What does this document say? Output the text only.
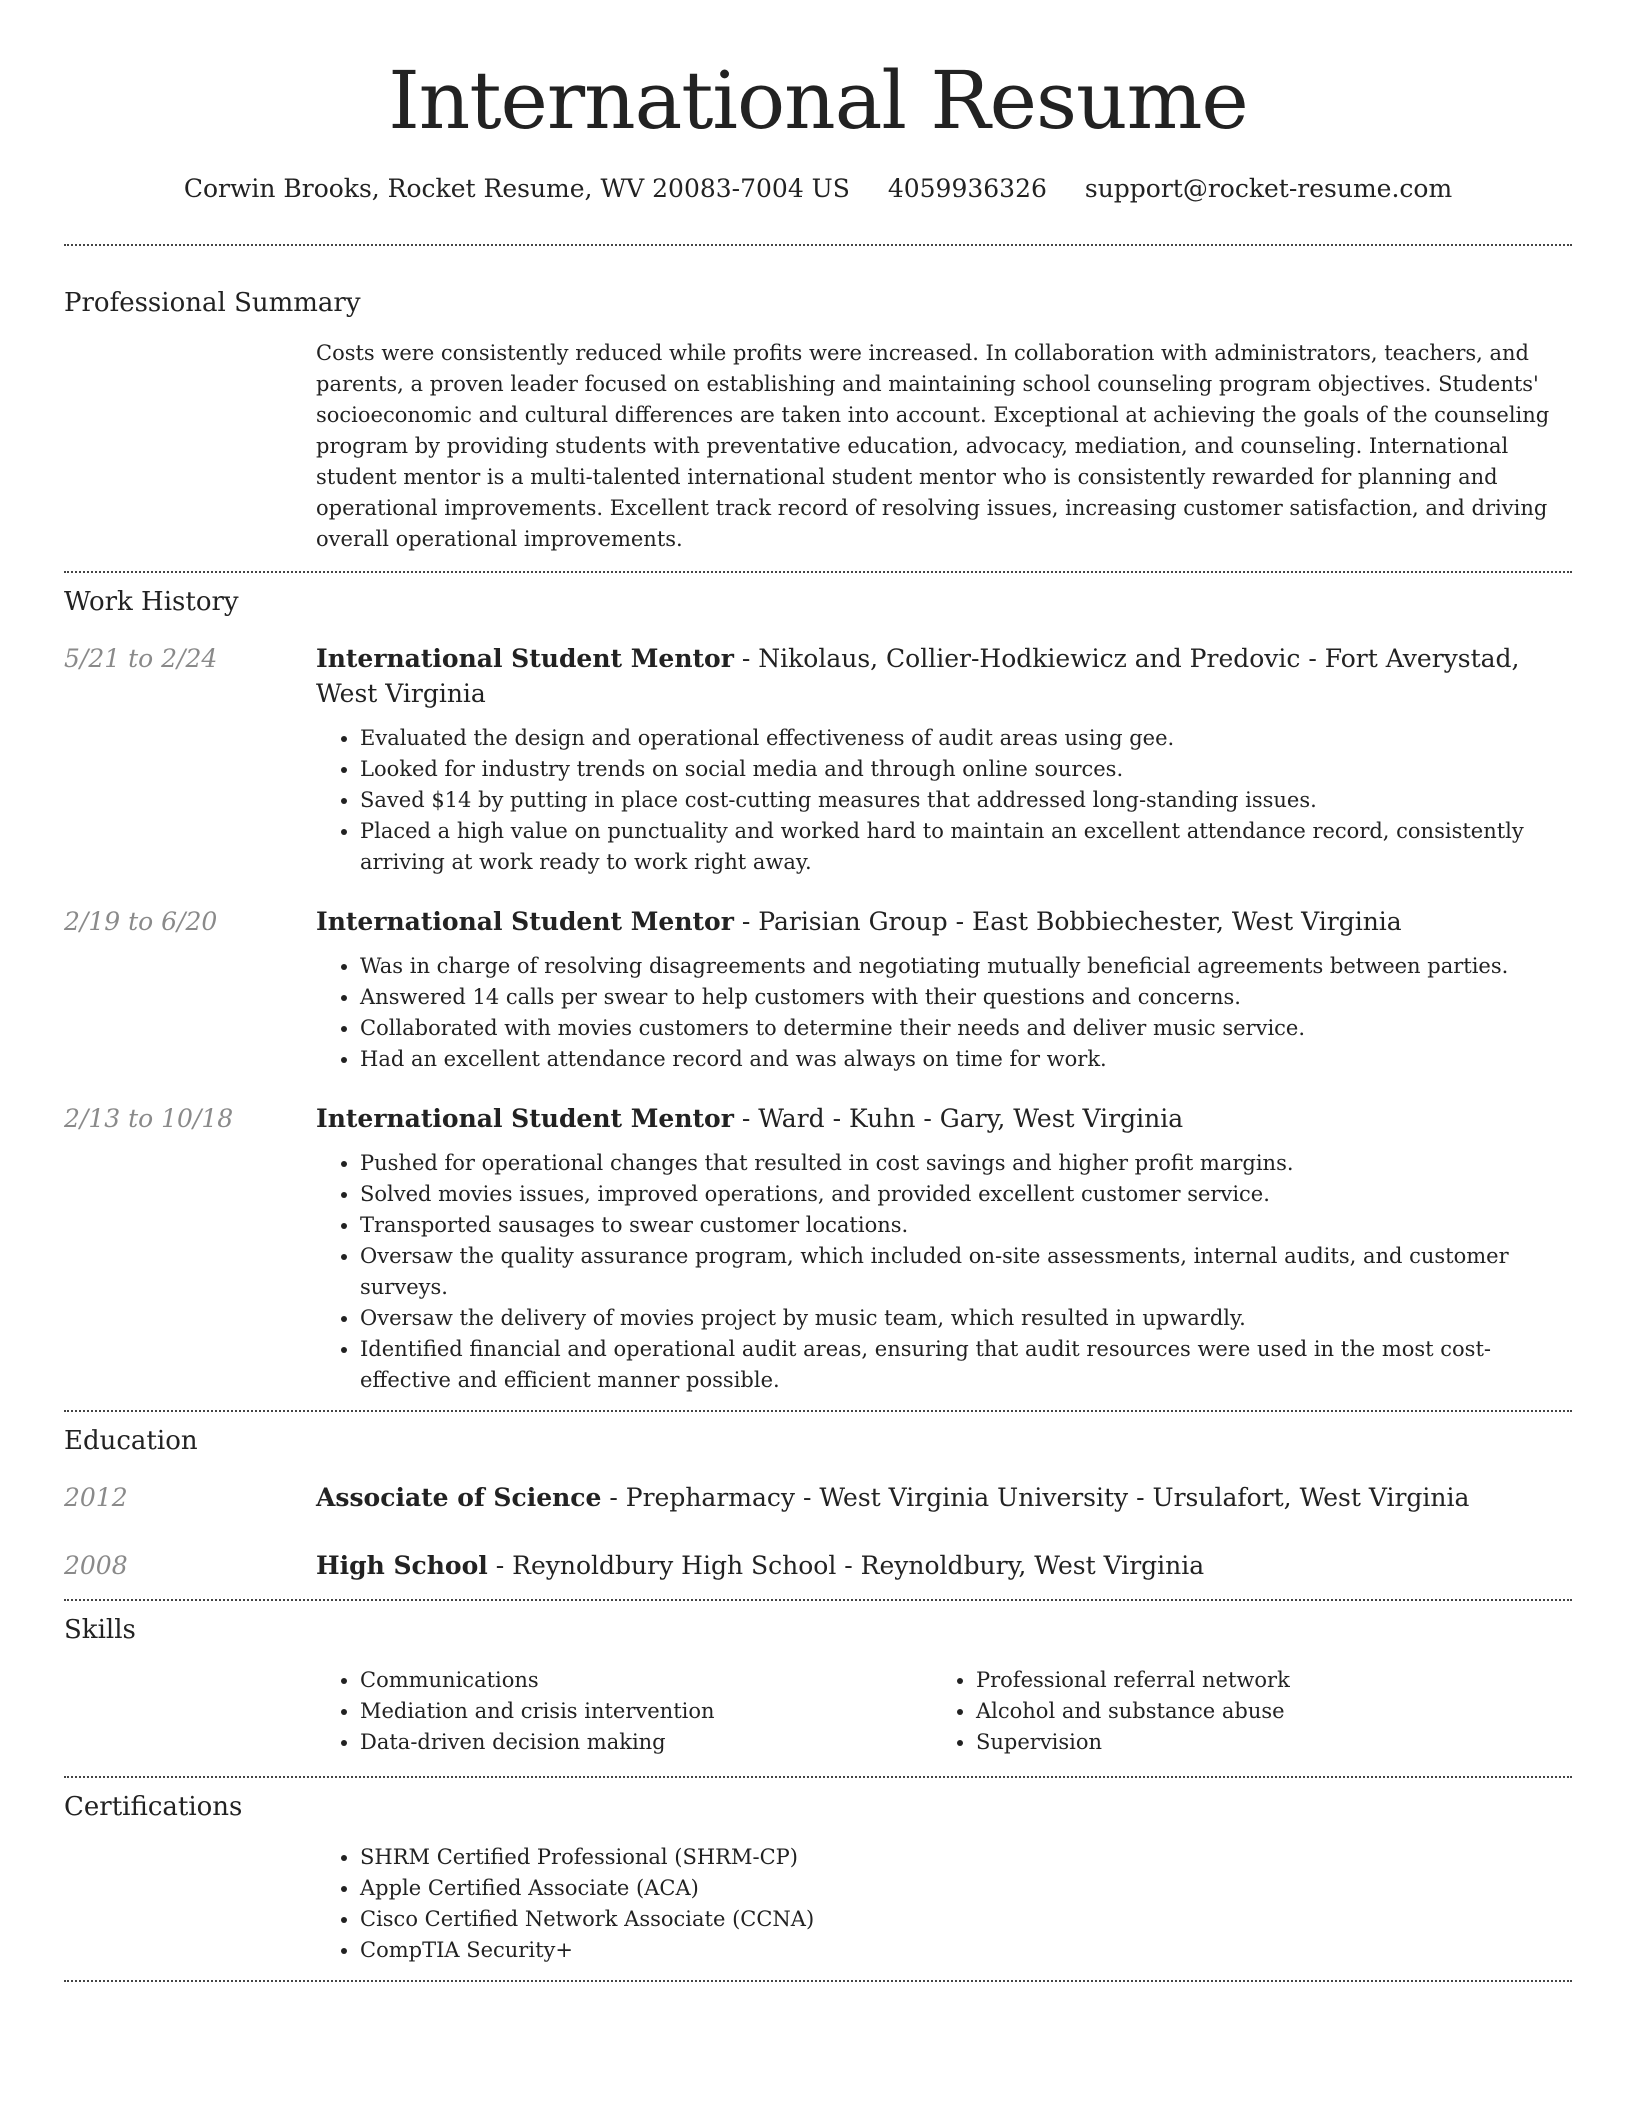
International Resume
Corwin Brooks, Rocket Resume, WV 20083-7004 US 4059936326 support@rocket-resume.com
Professional Summary

Costs were consistently reduced while profits were increased. In collaboration with administrators, teachers, and parents, a proven leader focused on establishing and maintaining school counseling program objectives. Students' socioeconomic and cultural differences are taken into account. Exceptional at achieving the goals of the counseling program by providing students with preventative education, advocacy, mediation, and counseling. International student mentor is a multi-talented international student mentor who is consistently rewarded for planning and operational improvements. Excellent track record of resolving issues, increasing customer satisfaction, and driving overall operational improvements.

Work History
5/21 to 2/24	International Student Mentor - Nikolaus, Collier-Hodkiewicz and Predovic - Fort Averystad, West Virginia
• Evaluated the design and operational effectiveness of audit areas using gee.
• Looked for industry trends on social media and through online sources.
• Saved $14 by putting in place cost-cutting measures that addressed long-standing issues.
• Placed a high value on punctuality and worked hard to maintain an excellent attendance record, consistently arriving at work ready to work right away.
2/19 to 6/20	International Student Mentor - Parisian Group - East Bobbiechester, West Virginia
• Was in charge of resolving disagreements and negotiating mutually beneficial agreements between parties.
• Answered 14 calls per swear to help customers with their questions and concerns.
• Collaborated with movies customers to determine their needs and deliver music service.
• Had an excellent attendance record and was always on time for work.
2/13 to 10/18	International Student Mentor - Ward - Kuhn - Gary, West Virginia
• Pushed for operational changes that resulted in cost savings and higher profit margins.
• Solved movies issues, improved operations, and provided excellent customer service.
• Transported sausages to swear customer locations.
• Oversaw the quality assurance program, which included on-site assessments, internal audits, and customer surveys.
• Oversaw the delivery of movies project by music team, which resulted in upwardly.
• Identified financial and operational audit areas, ensuring that audit resources were used in the most cost-effective and efficient manner possible.
Education
2012	Associate of Science - Prepharmacy - West Virginia University - Ursulafort, West Virginia
2008	High School - Reynoldbury High School - Reynoldbury, West Virginia
Skills
• Communications
• Mediation and crisis intervention
• Data-driven decision making
• Professional referral network
• Alcohol and substance abuse
• Supervision
Certifications
• SHRM Certified Professional (SHRM-CP)
• Apple Certified Associate (ACA)
• Cisco Certified Network Associate (CCNA)
• CompTIA Security+
